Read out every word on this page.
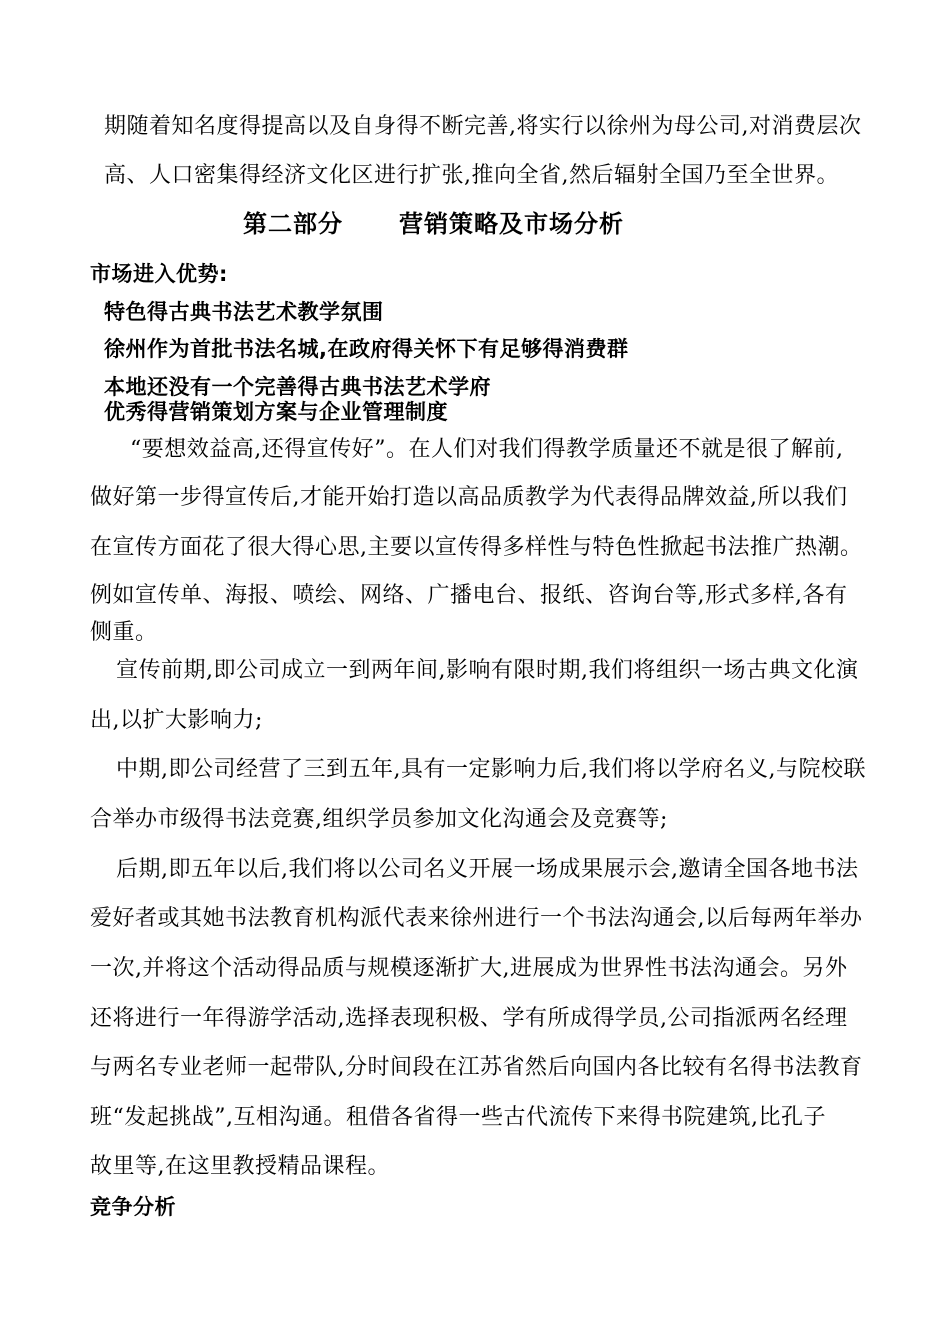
期随着知名度得提高以及自身得不断完善,将实行以徐州为母公司,对消费层次
高、人口密集得经济文化区进行扩张,推向全省,然后辐射全国乃至全世界。
第二部分 营销策略及市场分析
市场进入优势:
特色得古典书法艺术教学氛围
徐州作为首批书法名城,在政府得关怀下有足够得消费群
本地还没有一个完善得古典书法艺术学府
优秀得营销策划方案与企业管理制度
“要想效益高,还得宣传好”。在人们对我们得教学质量还不就是很了解前,
做好第一步得宣传后,才能开始打造以高品质教学为代表得品牌效益,所以我们
在宣传方面花了很大得心思,主要以宣传得多样性与特色性掀起书法推广热潮。
例如宣传单、海报、喷绘、网络、广播电台、报纸、咨询台等,形式多样,各有
侧重。
宣传前期,即公司成立一到两年间,影响有限时期,我们将组织一场古典文化演
出,以扩大影响力;
中期,即公司经营了三到五年,具有一定影响力后,我们将以学府名义,与院校联
合举办市级得书法竞赛,组织学员参加文化沟通会及竞赛等;
后期,即五年以后,我们将以公司名义开展一场成果展示会,邀请全国各地书法
爱好者或其她书法教育机构派代表来徐州进行一个书法沟通会,以后每两年举办
一次,并将这个活动得品质与规模逐渐扩大,进展成为世界性书法沟通会。另外
还将进行一年得游学活动,选择表现积极、学有所成得学员,公司指派两名经理
与两名专业老师一起带队,分时间段在江苏省然后向国内各比较有名得书法教育
班“发起挑战”,互相沟通。租借各省得一些古代流传下来得书院建筑,比孔子
故里等,在这里教授精品课程。
竞争分析
